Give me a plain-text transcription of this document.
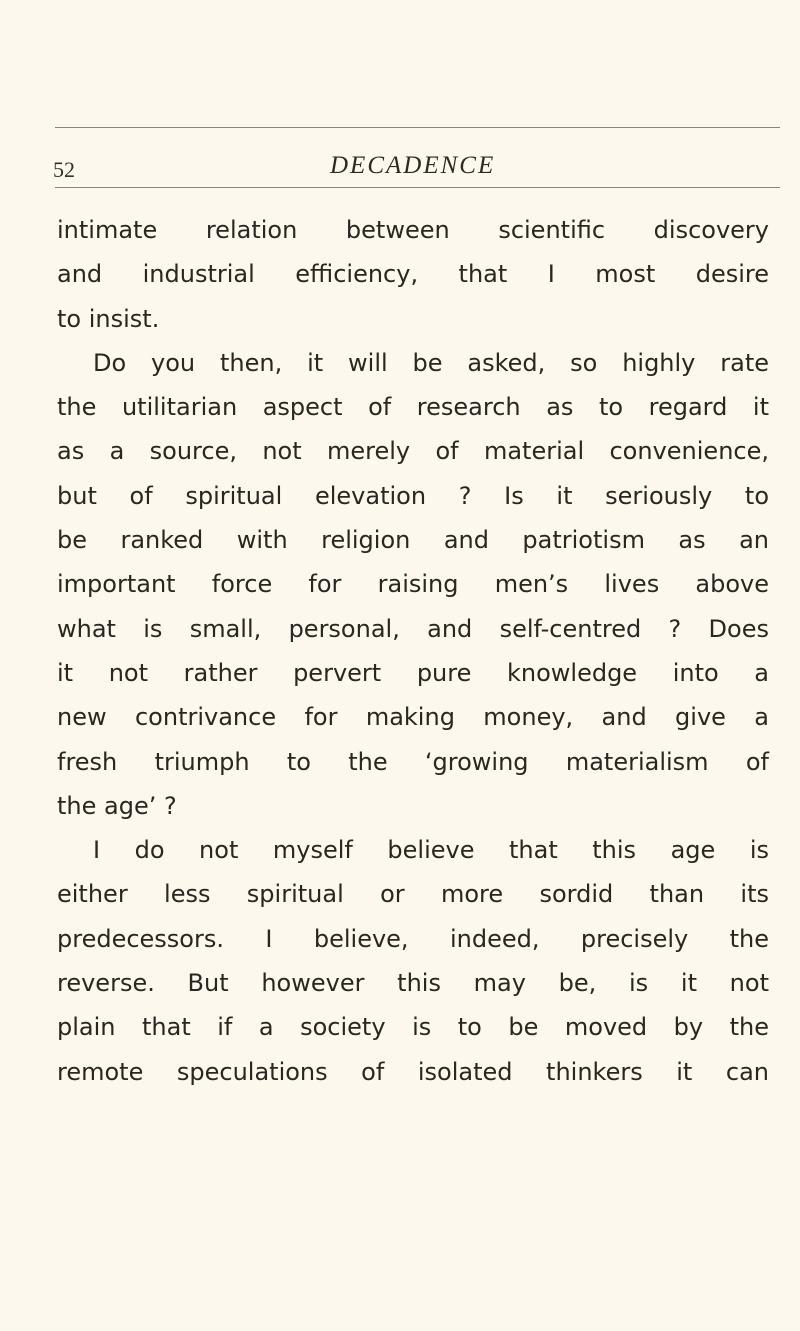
52	DECADENCE
intimate relation between scientific discovery
and industrial efficiency, that I most desire
to insist.
Do you then, it will be asked, so highly rate
the utilitarian aspect of research as to regard it
as a source, not merely of material convenience,
but of spiritual elevation ? Is it seriously to
be ranked with religion and patriotism as an
important force for raising men’s lives above
what is small, personal, and self-centred ? Does
it not rather pervert pure knowledge into a
new contrivance for making money, and give a
fresh triumph to the ‘growing materialism of
the age’ ?
I do not myself believe that this age is
either less spiritual or more sordid than its
predecessors. I believe, indeed, precisely the
reverse. But however this may be, is it not
plain that if a society is to be moved by the
remote speculations of isolated thinkers it can
